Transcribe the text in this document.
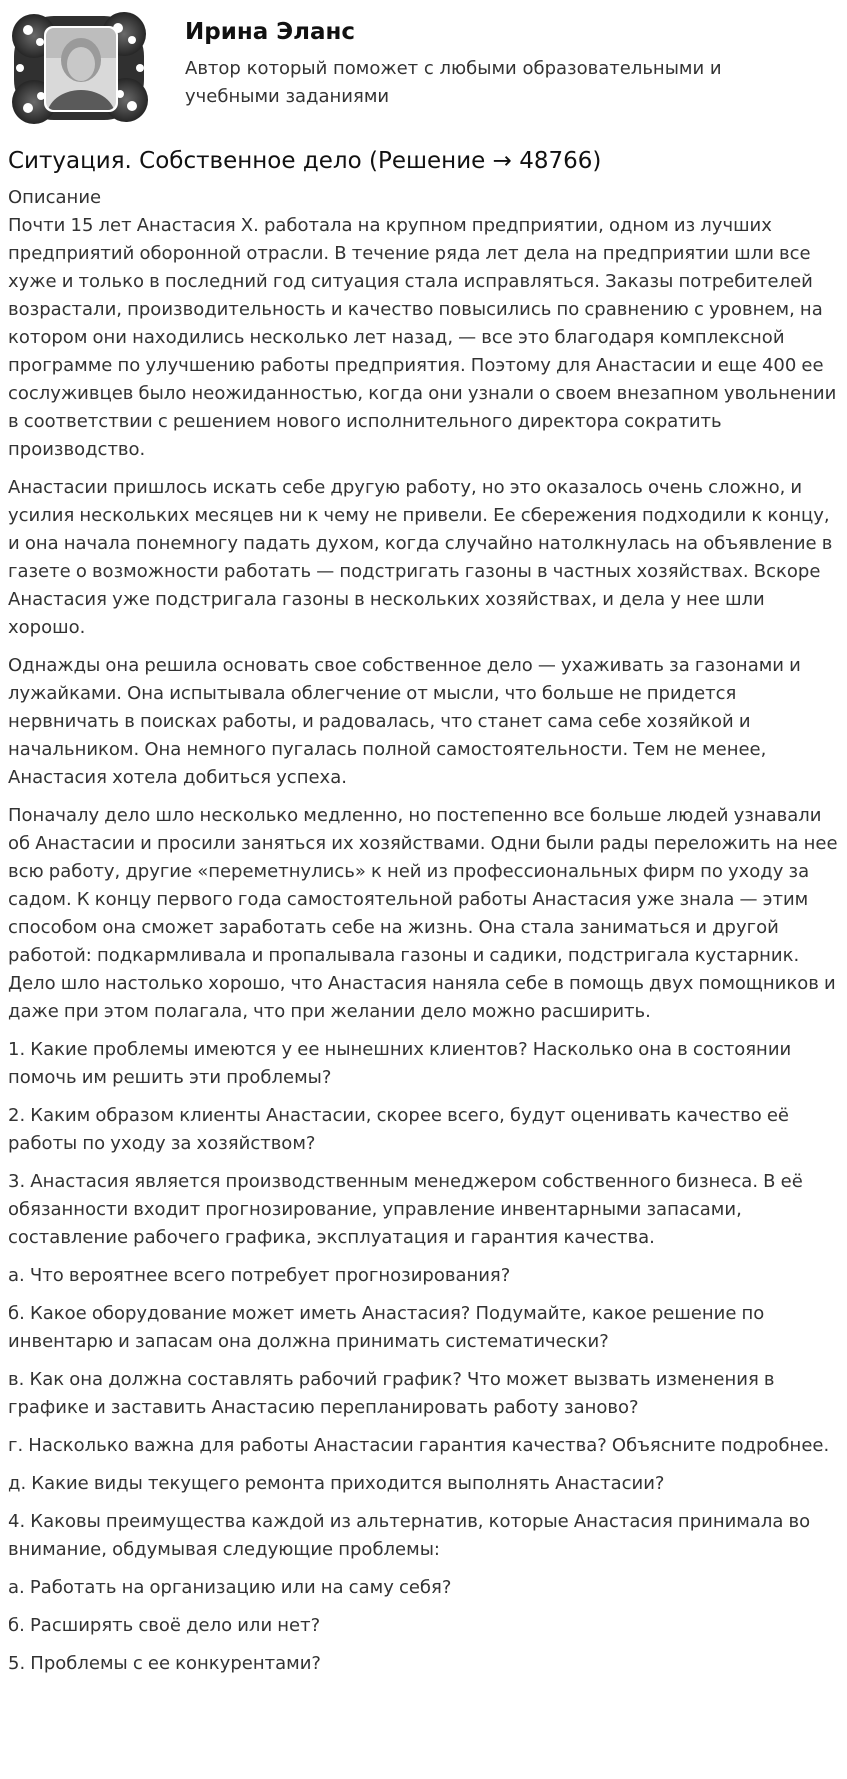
Ирина Эланс

Автор который поможет с любыми образовательными и учебными заданиями

Ситуация. Собственное дело (Решение → 48766)

Описание

Почти 15 лет Анастасия X. работала на крупном предприятии, одном из лучших предприятий оборонной отрасли. В течение ряда лет дела на предприятии шли все хуже и только в последний год ситуация стала исправляться. Заказы потребителей возрастали, производительность и качество повысились по сравнению с уровнем, на котором они находились несколько лет назад, — все это благодаря комплексной программе по улучшению работы предприятия. Поэтому для Анастасии и еще 400 ее сослуживцев было неожиданностью, когда они узнали о своем внезапном увольнении в соответствии с решением нового исполнительного директора сократить производство.

Анастасии пришлось искать себе другую работу, но это оказалось очень сложно, и усилия нескольких месяцев ни к чему не привели. Ее сбережения подходили к концу, и она начала понемногу падать духом, когда случайно натолкнулась на объявление в газете о возможности работать — подстригать газоны в частных хозяйствах. Вскоре Анастасия уже подстригала газоны в нескольких хозяйствах, и дела у нее шли хорошо.

Однажды она решила основать свое собственное дело — ухаживать за газонами и лужайками. Она испытывала облегчение от мысли, что больше не придется нервничать в поисках работы, и радовалась, что станет сама себе хозяйкой и начальником. Она немного пугалась полной самостоятельности. Тем не менее, Анастасия хотела добиться успеха.

Поначалу дело шло несколько медленно, но постепенно все больше людей узнавали об Анастасии и просили заняться их хозяйствами. Одни были рады переложить на нее всю работу, другие «переметнулись» к ней из профессиональных фирм по уходу за садом. К концу первого года самостоятельной работы Анастасия уже знала — этим способом она сможет заработать себе на жизнь. Она стала заниматься и другой работой: подкармливала и пропалывала газоны и садики, подстригала кустарник. Дело шло настолько хорошо, что Анастасия наняла себе в помощь двух помощников и даже при этом полагала, что при желании дело можно расширить.

1. Какие проблемы имеются у ее нынешних клиентов? Насколько она в состоянии помочь им решить эти проблемы?

2. Каким образом клиенты Анастасии, скорее всего, будут оценивать качество её работы по уходу за хозяйством?

3. Анастасия является производственным менеджером собственного бизнеса. В её обязанности входит прогнозирование, управление инвентарными запасами, составление рабочего графика, эксплуатация и гарантия качества.

а. Что вероятнее всего потребует прогнозирования?

б. Какое оборудование может иметь Анастасия? Подумайте, какое решение по инвентарю и запасам она должна принимать систематически?

в. Как она должна составлять рабочий график? Что может вызвать изменения в графике и заставить Анастасию перепланировать работу заново?

г. Насколько важна для работы Анастасии гарантия качества? Объясните подробнее.

д. Какие виды текущего ремонта приходится выполнять Анастасии?

4. Каковы преимущества каждой из альтернатив, которые Анастасия принимала во внимание, обдумывая следующие проблемы:

а. Работать на организацию или на саму себя?

б. Расширять своё дело или нет?

5. Проблемы с ее конкурентами?
